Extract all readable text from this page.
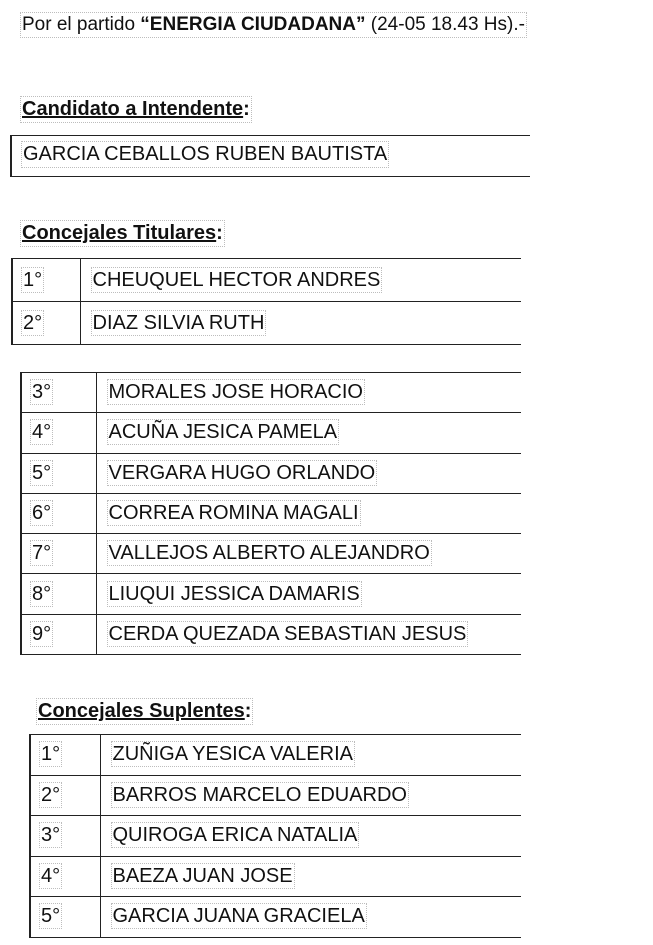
Por el partido “ENERGIA CIUDADANA” (24-05 18.43 Hs).-
Candidato a Intendente:
GARCIA CEBALLOS RUBEN BAUTISTA
Concejales Titulares:
1°	CHEUQUEL HECTOR ANDRES
2°	DIAZ SILVIA RUTH
3°	MORALES JOSE HORACIO
4°	ACUÑA JESICA PAMELA
5°	VERGARA HUGO ORLANDO
6°	CORREA ROMINA MAGALI
7°	VALLEJOS ALBERTO ALEJANDRO
8°	LIUQUI JESSICA DAMARIS
9°	CERDA QUEZADA SEBASTIAN JESUS
Concejales Suplentes:
1°	ZUÑIGA YESICA VALERIA
2°	BARROS MARCELO EDUARDO
3°	QUIROGA ERICA NATALIA
4°	BAEZA JUAN JOSE
5°	GARCIA JUANA GRACIELA
